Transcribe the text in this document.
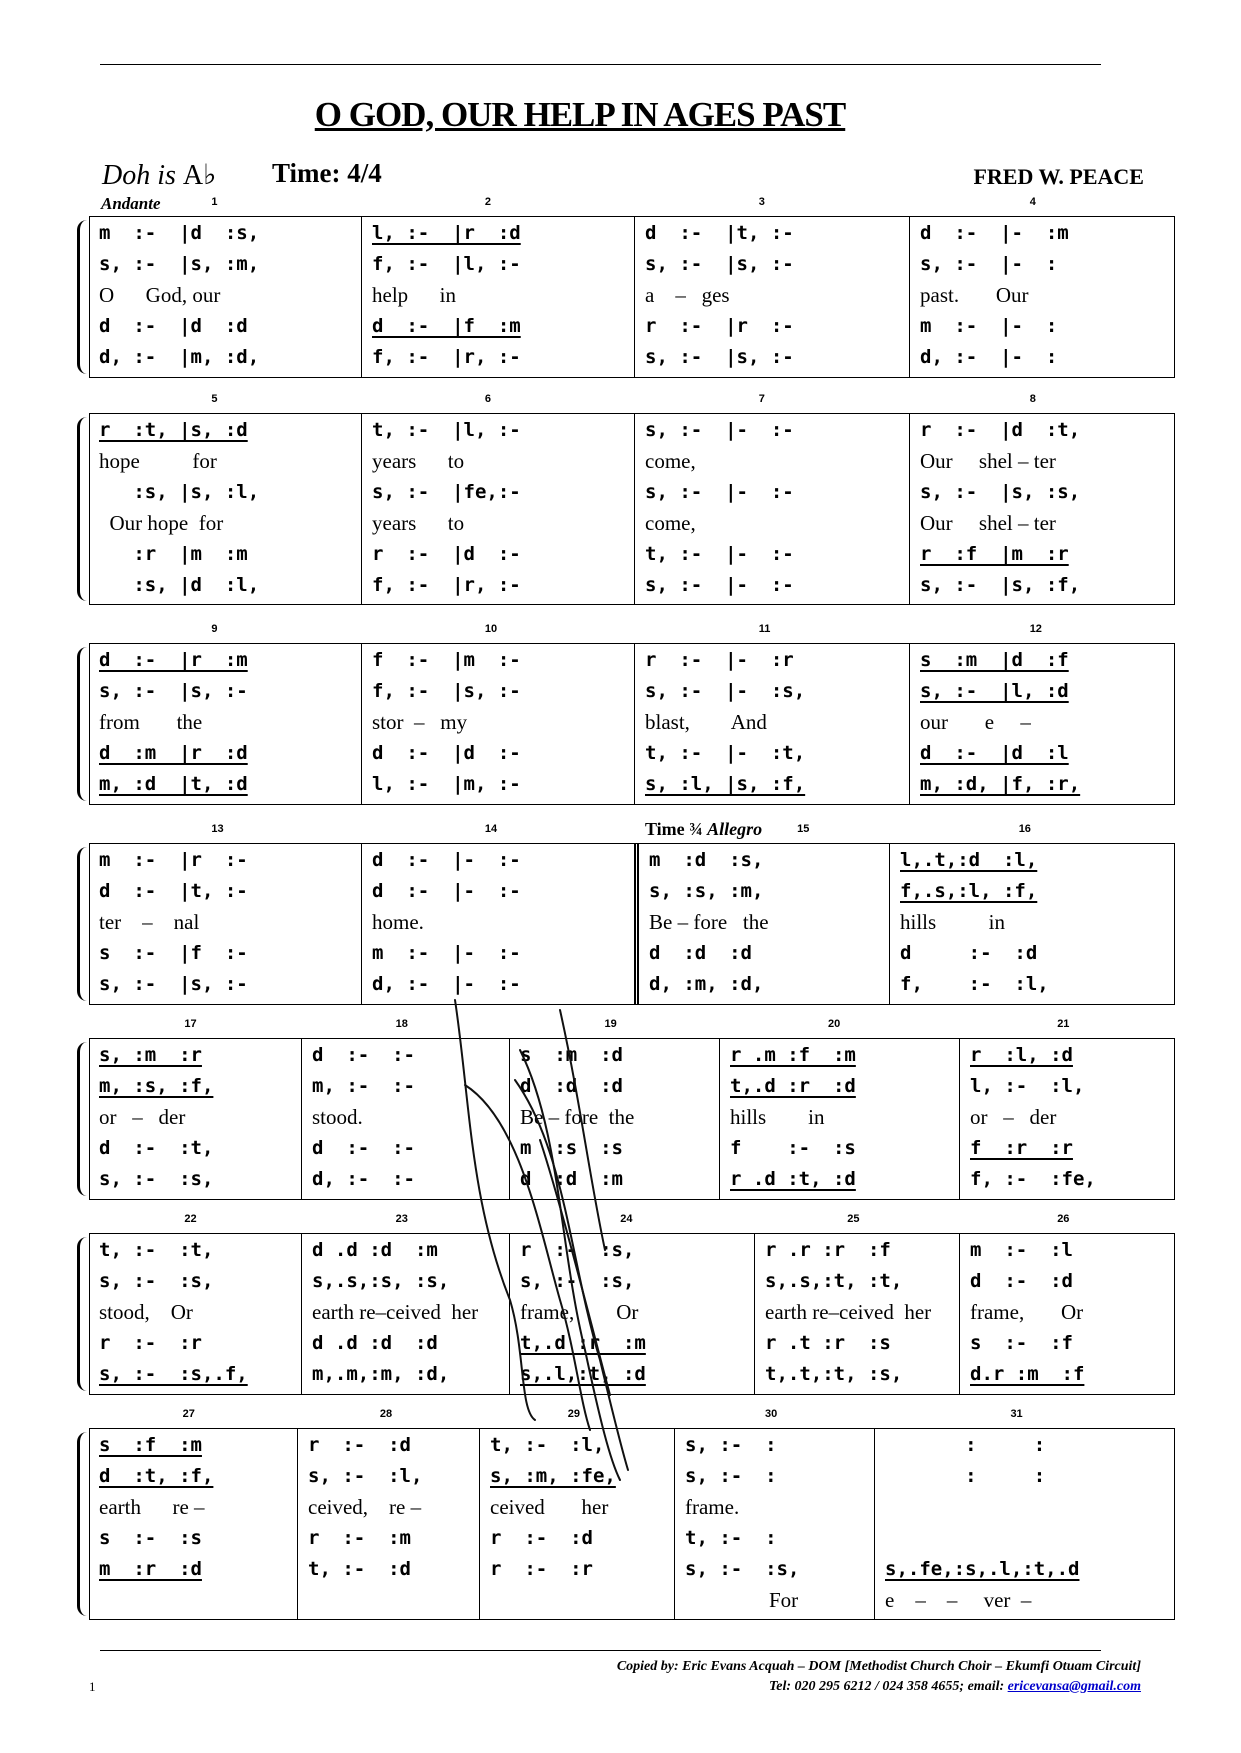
O GOD, OUR HELP IN AGES PAST
Doh is A♭ Time: 4/4	FRED W. PEACE
1
Andante
m  :-  |d  :s,
s, :-  |s, :m,
O      God, our
d  :-  |d  :d
d, :-  |m, :d,
2
l, :-  |r  :d
f, :-  |l, :-
help      in
d  :-  |f  :m
f, :-  |r, :-
3
d  :-  |t, :-
s, :-  |s, :-
a    –   ges
r  :-  |r  :-
s, :-  |s, :-
4
d  :-  |-  :m
s, :-  |-  :
past.       Our
m  :-  |-  :
d, :-  |-  :
5
r  :t, |s, :d
hope          for
:s, |s, :l,
Our hope  for
:r  |m  :m
:s, |d  :l,
6
t, :-  |l, :-
years      to
s, :-  |fe,:-
years      to
r  :-  |d  :-
f, :-  |r, :-
7
s, :-  |-  :-
come,
s, :-  |-  :-
come,
t, :-  |-  :-
s, :-  |-  :-
8
r  :-  |d  :t,
Our     shel – ter
s, :-  |s, :s,
Our     shel – ter
r  :f  |m  :r
s, :-  |s, :f,
9
d  :-  |r  :m
s, :-  |s, :-
from       the
d  :m  |r  :d
m, :d  |t, :d
10
f  :-  |m  :-
f, :-  |s, :-
stor  –   my
d  :-  |d  :-
l, :-  |m, :-
11
r  :-  |-  :r
s, :-  |-  :s,
blast,        And
t, :-  |-  :t,
s, :l, |s, :f,
12
s  :m  |d  :f
s, :-  |l, :d
our       e     –
d  :-  |d  :l
m, :d, |f, :r,
13
m  :-  |r  :-
d  :-  |t, :-
ter    –    nal
s  :-  |f  :-
s, :-  |s, :-
14
d  :-  |-  :-
d  :-  |-  :-
home.
m  :-  |-  :-
d, :-  |-  :-
15
Time ¾ Allegro
m  :d  :s,
s, :s, :m,
Be – fore   the
d  :d  :d
d, :m, :d,
16
l,.t,:d  :l,
f,.s,:l, :f,
hills          in
d     :-  :d
f,    :-  :l,
17
s, :m  :r
m, :s, :f,
or   –   der
d  :-  :t,
s, :-  :s,
18
d  :-  :-
m, :-  :-
stood.
d  :-  :-
d, :-  :-
19
s  :m  :d
d  :d  :d
Be – fore  the
m  :s  :s
d  :d  :m
20
r .m :f  :m
t,.d :r  :d
hills        in
f    :-  :s
r .d :t, :d
21
r  :l, :d
l, :-  :l,
or   –   der
f  :r  :r
f, :-  :fe,
22
t, :-  :t,
s, :-  :s,
stood,    Or
r  :-  :r
s, :-  :s,.f,
23
d .d :d  :m
s,.s,:s, :s,
earth re–ceived  her
d .d :d  :d
m,.m,:m, :d,
24
r  :-  :s,
s, :-  :s,
frame,        Or
t,.d :r  :m
s,.l,:t, :d
25
r .r :r  :f
s,.s,:t, :t,
earth re–ceived  her
r .t :r  :s
t,.t,:t, :s,
26
m  :-  :l
d  :-  :d
frame,       Or
s  :-  :f
d.r :m  :f
27
s  :f  :m
d  :t, :f,
earth      re –
s  :-  :s
m  :r  :d
28
r  :-  :d
s, :-  :l,
ceived,    re –
r  :-  :m
t, :-  :d
29
t, :-  :l,
s, :m, :fe,
ceived       her
r  :-  :d
r  :-  :r
30
s, :-  :
s, :-  :
frame.
t, :-  :
s, :-  :s,
For
31
:     :
:     :
s,.fe,:s,.l,:t,.d
e    –    –     ver  –
Copied by: Eric Evans Acquah – DOM [Methodist Church Choir – Ekumfi Otuam Circuit]
Tel: 020 295 6212 / 024 358 4655; email: ericevansa@gmail.com
1
